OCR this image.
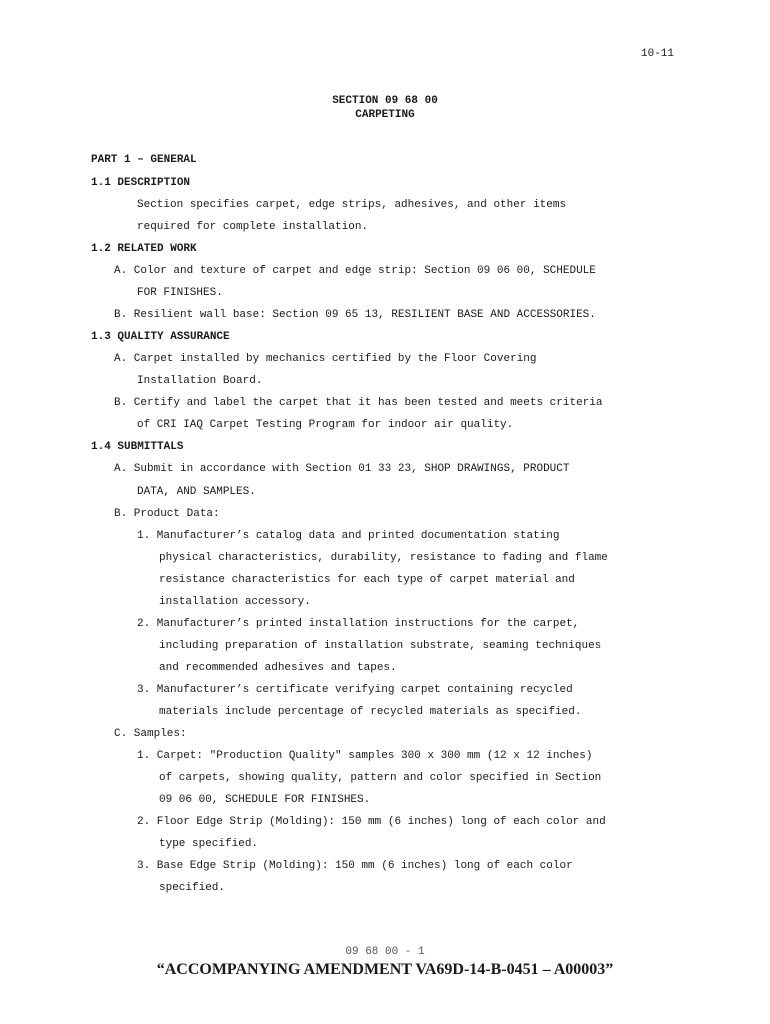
10-11
SECTION 09 68 00
CARPETING
PART 1 – GENERAL
1.1 DESCRIPTION
Section specifies carpet, edge strips, adhesives, and other items
required for complete installation.
1.2 RELATED WORK
A. Color and texture of carpet and edge strip: Section 09 06 00, SCHEDULE
FOR FINISHES.
B. Resilient wall base: Section 09 65 13, RESILIENT BASE AND ACCESSORIES.
1.3 QUALITY ASSURANCE
A. Carpet installed by mechanics certified by the Floor Covering
Installation Board.
B. Certify and label the carpet that it has been tested and meets criteria
of CRI IAQ Carpet Testing Program for indoor air quality.
1.4 SUBMITTALS
A. Submit in accordance with Section 01 33 23, SHOP DRAWINGS, PRODUCT
DATA, AND SAMPLES.
B. Product Data:
1. Manufacturer’s catalog data and printed documentation stating
physical characteristics, durability, resistance to fading and flame
resistance characteristics for each type of carpet material and
installation accessory.
2. Manufacturer’s printed installation instructions for the carpet,
including preparation of installation substrate, seaming techniques
and recommended adhesives and tapes.
3. Manufacturer’s certificate verifying carpet containing recycled
materials include percentage of recycled materials as specified.
C. Samples:
1. Carpet: "Production Quality" samples 300 x 300 mm (12 x 12 inches)
of carpets, showing quality, pattern and color specified in Section
09 06 00, SCHEDULE FOR FINISHES.
2. Floor Edge Strip (Molding): 150 mm (6 inches) long of each color and
type specified.
3. Base Edge Strip (Molding): 150 mm (6 inches) long of each color
specified.
09 68 00 - 1
“ACCOMPANYING AMENDMENT VA69D-14-B-0451 – A00003”
